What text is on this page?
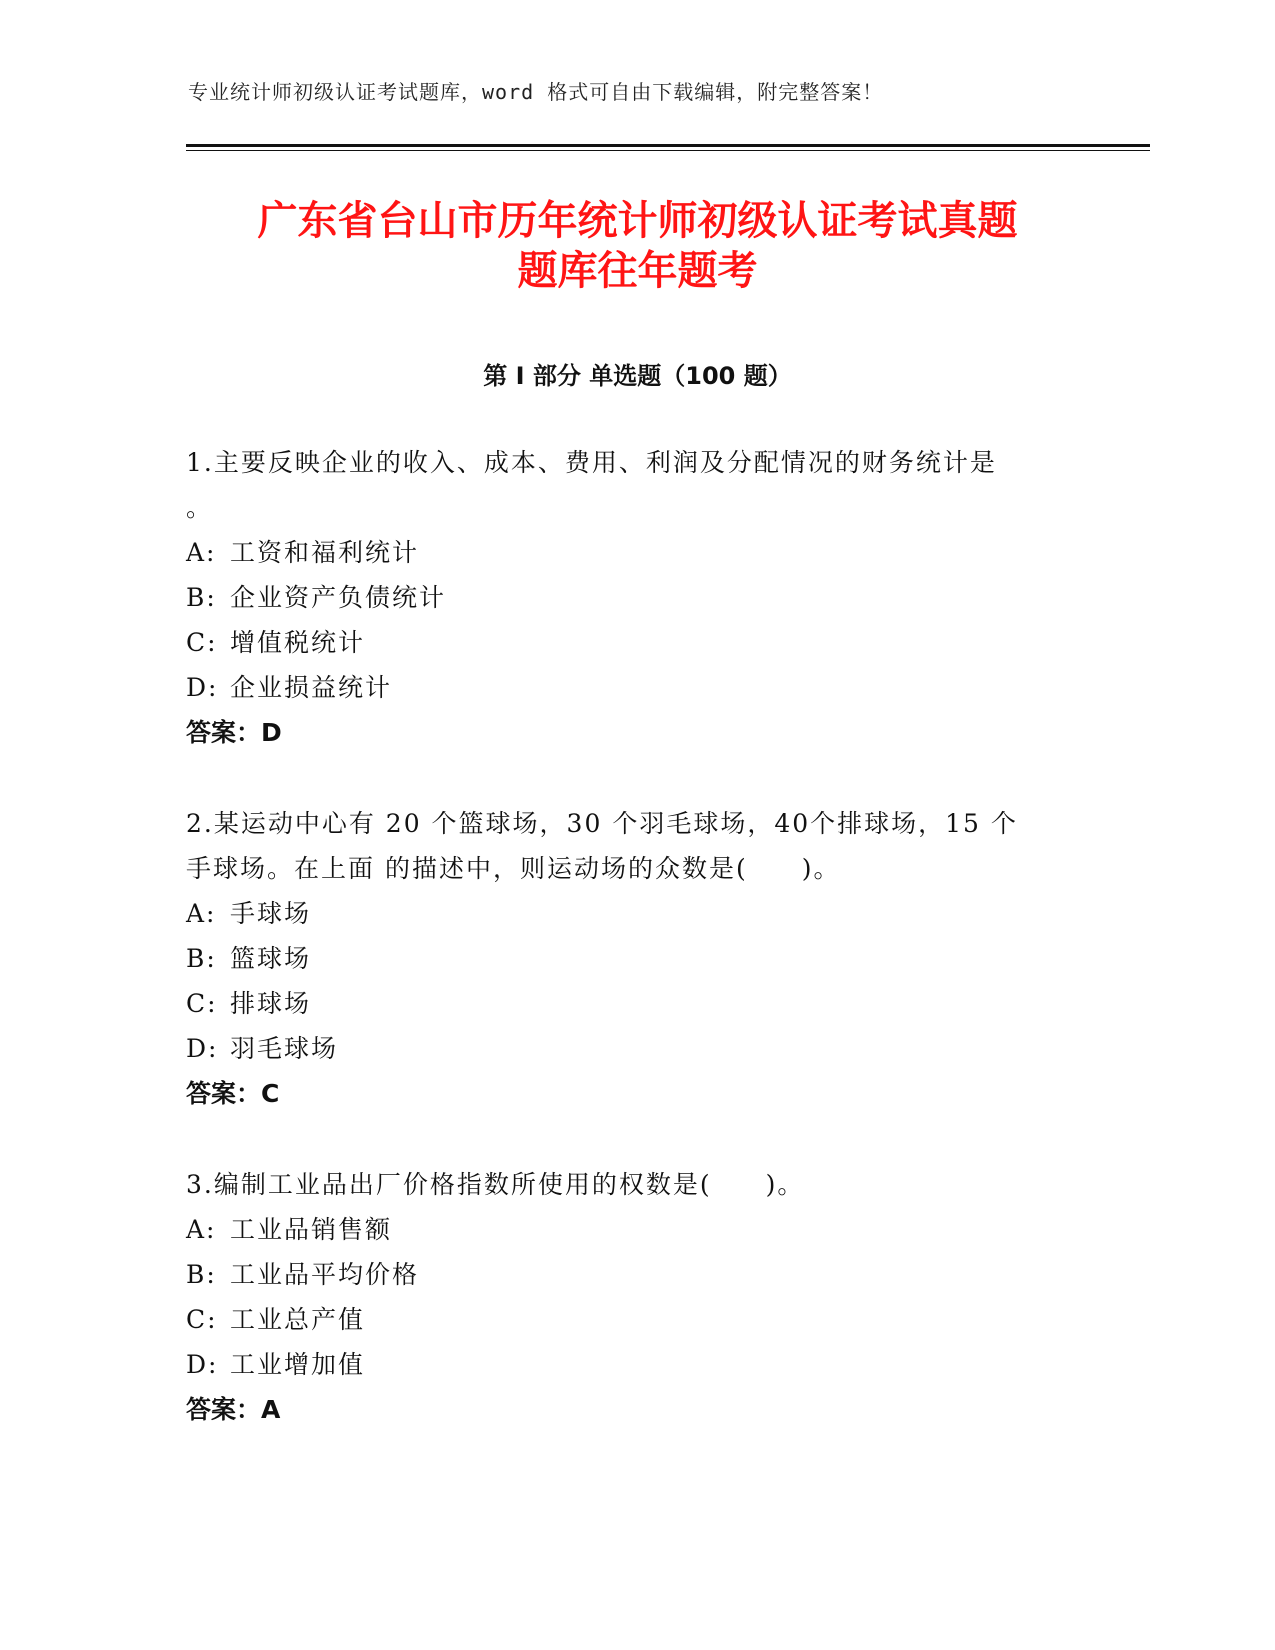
专业统计师初级认证考试题库，word 格式可自由下载编辑，附完整答案！
广东省台山市历年统计师初级认证考试真题
题库往年题考
第 I 部分 单选题（100 题）
1.主要反映企业的收入、成本、费用、利润及分配情况的财务统计是
。
A: 工资和福利统计
B: 企业资产负债统计
C: 增值税统计
D: 企业损益统计
答案：D
2.某运动中心有 20 个篮球场，30 个羽毛球场，40个排球场，15 个
手球场。在上面 的描述中，则运动场的众数是(　　)。
A: 手球场
B: 篮球场
C: 排球场
D: 羽毛球场
答案：C
3.编制工业品出厂价格指数所使用的权数是(　　)。
A: 工业品销售额
B: 工业品平均价格
C: 工业总产值
D: 工业增加值
答案：A
